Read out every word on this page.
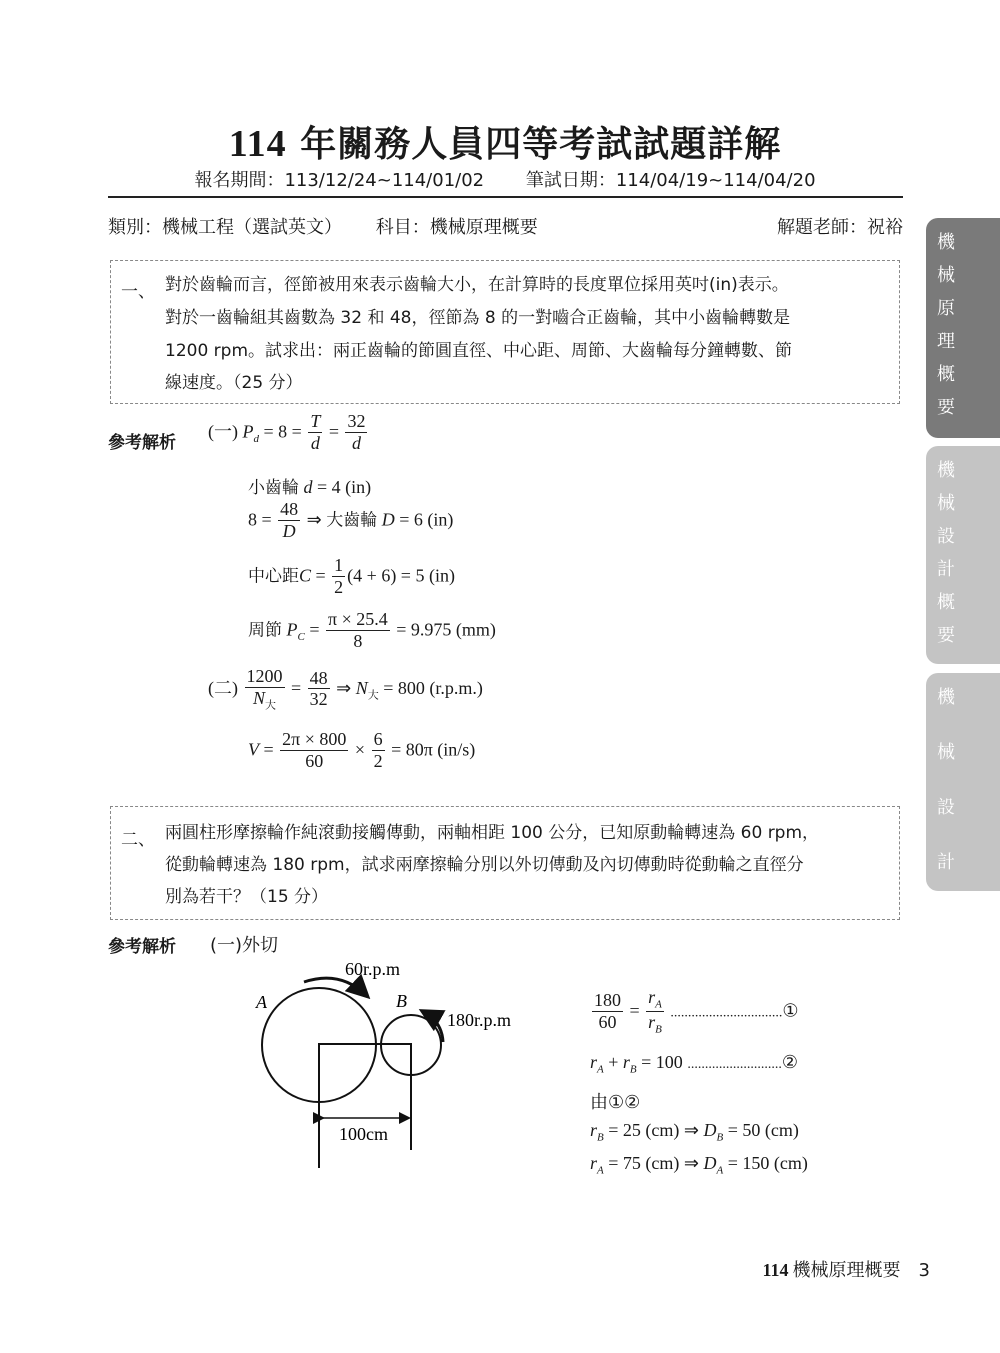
114 年關務人員四等考試試題詳解
報名期間：113/12/24~114/01/02 筆試日期：114/04/19~114/04/20
類別：機械工程（選試英文） 科目：機械原理概要	解題老師：祝裕
機
械
原
理
概
要
機
械
設
計
概
要
機
械
設
計
一、 對於齒輪而言，徑節被用來表示齒輪大小，在計算時的長度單位採用英吋(in)表示。
對於一齒輪組其齒數為 32 和 48，徑節為 8 的一對嚙合正齒輪，其中小齒輪轉數是
1200 rpm。試求出：兩正齒輪的節圓直徑、中心距、周節、大齒輪每分鐘轉數、節
線速度。（25 分）
參考解析
(一) $P_d = 8 = \frac{T}{d} = \frac{32}{d}$
小齒輪 d = 4 (in)
$8 = \frac{48}{D}$ ⇒ 大齒輪 D = 6 (in)
中心距$C = \frac{1}{2} (4 + 6) = 5$ (in)
周節 $P_C = \frac{\pi \times 25.4}{8} = 9.975$ (mm)
(二) $\frac{1200}{N_大} = \frac{48}{32}$ ⇒ $N_大 = 800$ (r.p.m.)
$V = \frac{2\pi \times 800}{60} \times \frac{6}{2} = 80\pi$ (in/s)
二、 兩圓柱形摩擦輪作純滾動接觸傳動，兩軸相距 100 公分，已知原動輪轉速為 60 rpm，
從動輪轉速為 180 rpm，試求兩摩擦輪分別以外切傳動及內切傳動時從動輪之直徑分
別為若干？（15 分）
參考解析 (一)外切
A	B
60r.p.m
180r.p.m
100cm
$\frac{180}{60} = \frac{r_A}{r_B}$ ................................①
$r_A + r_B = 100$ ...........................②
由①②
$r_B = 25$ (cm) ⇒ $D_B = 50$ (cm)
$r_A = 75$ (cm) ⇒ $D_A = 150$ (cm)
114 機械原理概要 3
